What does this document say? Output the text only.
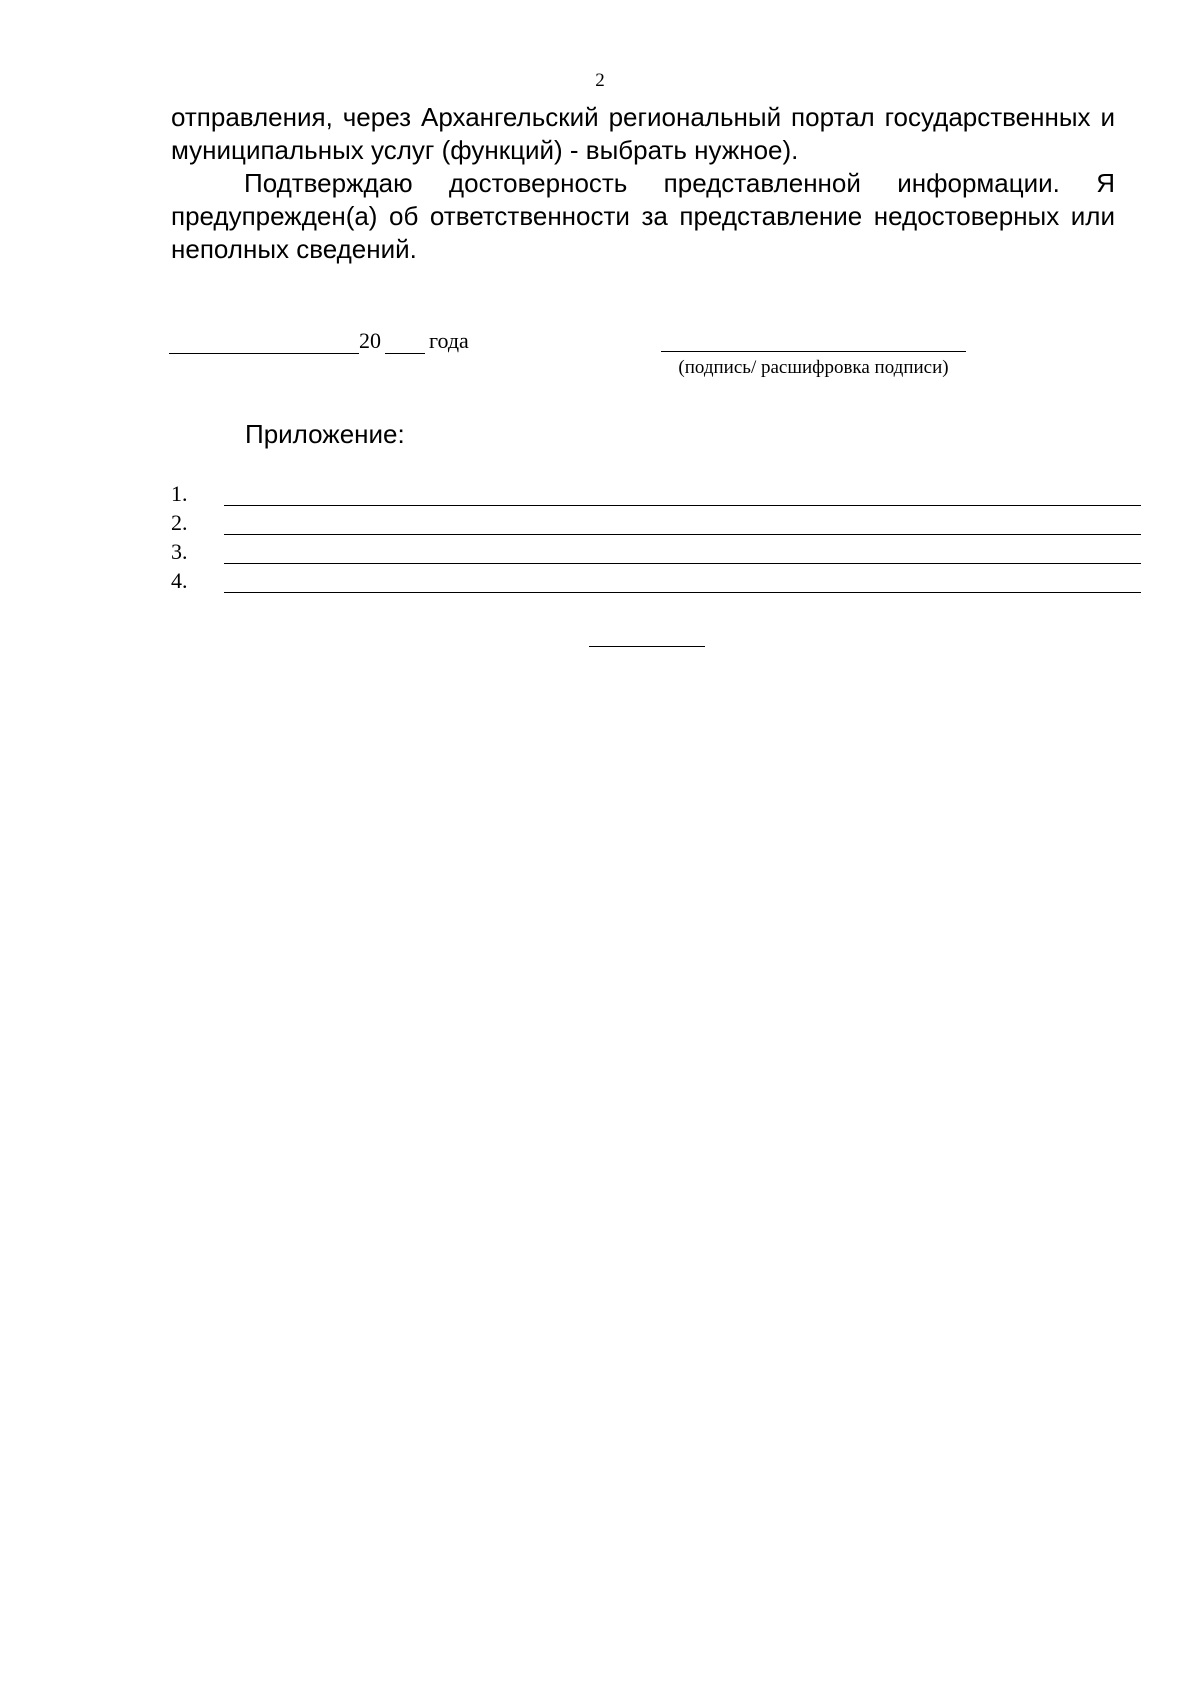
2
отправления, через Архангельский региональный портал государственных и муниципальных услуг (функций) - выбрать нужное).
Подтверждаю достоверность представленной информации. Я предупрежден(а) об ответственности за представление недостоверных или неполных сведений.
20 года
(подпись/ расшифровка подписи)
Приложение:
1.
2.
3.
4.
